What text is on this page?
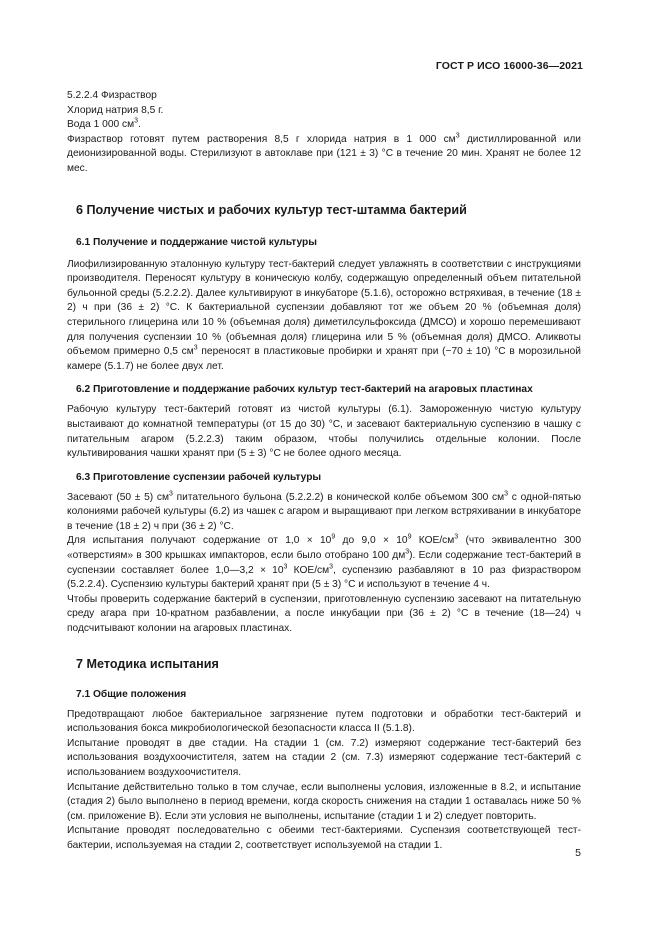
ГОСТ Р ИСО 16000-36—2021

5.2.2.4 Физраствор

Хлорид натрия 8,5 г.

Вода 1 000 $см^3$.

Физраствор готовят путем растворения 8,5 г хлорида натрия в 1 000 $см^3$ дистиллированной или деионизированной воды. Стерилизуют в автоклаве при (121 ± 3) °С в течение 20 мин. Хранят не более 12 мес.

6 Получение чистых и рабочих культур тест-штамма бактерий
6.1 Получение и поддержание чистой культуры

Лиофилизированную эталонную культуру тест-бактерий следует увлажнять в соответствии с инструкциями производителя. Переносят культуру в коническую колбу, содержащую определенный объем питательной бульонной среды (5.2.2.2). Далее культивируют в инкубаторе (5.1.6), осторожно встряхивая, в течение (18 ± 2) ч при (36 ± 2) °С. К бактериальной суспензии добавляют тот же объем 20 % (объемная доля) стерильного глицерина или 10 % (объемная доля) диметилсульфоксида (ДМСО) и хорошо перемешивают для получения суспензии 10 % (объемная доля) глицерина или 5 % (объемная доля) ДМСО. Аликвоты объемом примерно 0,5 $см^3$ переносят в пластиковые пробирки и хранят при (−70 ± 10) °С в морозильной камере (5.1.7) не более двух лет.

6.2 Приготовление и поддержание рабочих культур тест-бактерий на агаровых пластинах

Рабочую культуру тест-бактерий готовят из чистой культуры (6.1). Замороженную чистую культуру выстаивают до комнатной температуры (от 15 до 30) °С, и засевают бактериальную суспензию в чашку с питательным агаром (5.2.2.3) таким образом, чтобы получились отдельные колонии. После культивирования чашки хранят при (5 ± 3) °С не более одного месяца.

6.3 Приготовление суспензии рабочей культуры

Засевают (50 ± 5) $см^3$ питательного бульона (5.2.2.2) в конической колбе объемом 300 $см^3$ с одной-пятью колониями рабочей культуры (6.2) из чашек с агаром и выращивают при легком встряхивании в инкубаторе в течение (18 ± 2) ч при (36 ± 2) °С.

Для испытания получают содержание от $1,0 \times 10^9$ до $9,0 \times 10^9$ КОЕ/$см^3$ (что эквивалентно 300 «отверстиям» в 300 крышках импакторов, если было отобрано 100 $дм^3$). Если содержание тест-бактерий в суспензии составляет более 1,0—3,2 × $10^3$ КОЕ/$см^3$, суспензию разбавляют в 10 раз физраствором (5.2.2.4). Суспензию культуры бактерий хранят при (5 ± 3) °С и используют в течение 4 ч.

Чтобы проверить содержание бактерий в суспензии, приготовленную суспензию засевают на питательную среду агара при 10-кратном разбавлении, а после инкубации при (36 ± 2) °С в течение (18—24) ч подсчитывают колонии на агаровых пластинах.

7 Методика испытания
7.1 Общие положения

Предотвращают любое бактериальное загрязнение путем подготовки и обработки тест-бактерий и использования бокса микробиологической безопасности класса II (5.1.8).

Испытание проводят в две стадии. На стадии 1 (см. 7.2) измеряют содержание тест-бактерий без использования воздухоочистителя, затем на стадии 2 (см. 7.3) измеряют содержание тест-бактерий с использованием воздухоочистителя.

Испытание действительно только в том случае, если выполнены условия, изложенные в 8.2, и испытание (стадия 2) было выполнено в период времени, когда скорость снижения на стадии 1 оставалась ниже 50 % (см. приложение В). Если эти условия не выполнены, испытание (стадии 1 и 2) следует повторить.

Испытание проводят последовательно с обеими тест-бактериями. Суспензия соответствующей тест-бактерии, используемая на стадии 2, соответствует используемой на стадии 1.

5
